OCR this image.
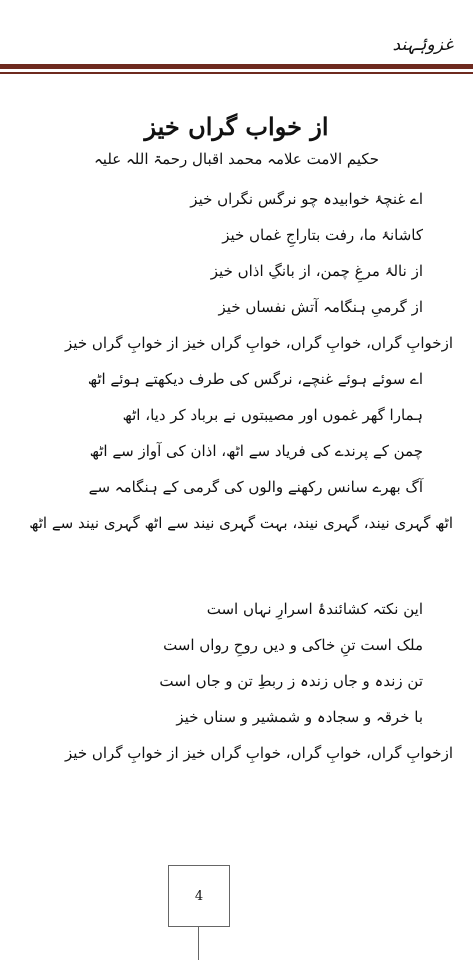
غزوۂہند
از خواب گراں خیز
حکیم الامت علامہ محمد اقبال رحمۃ اللہ علیہ
اے غنچۂ خوابیدہ چو نرگس نگراں خیز
کاشانۂ ما، رفت بتاراجِ غماں خیز
از نالۂ مرغِ چمن، از بانگِ اذاں خیز
از گرمیِ ہنگامہ آتش نفساں خیز
ازخوابِ گراں، خوابِ گراں، خوابِ گراں خیز از خوابِ گراں خیز
اے سوئے ہوئے غنچے، نرگس کی طرف دیکھتے ہوئے اٹھ
ہمارا گھر غموں اور مصیبتوں نے برباد کر دیا، اٹھ
چمن کے پرندے کی فریاد سے اٹھ، اذان کی آواز سے اٹھ
آگ بھرے سانس رکھنے والوں کی گرمی کے ہنگامہ سے
اٹھ گہری نیند، گہری نیند، بہت گہری نیند سے اٹھ گہری نیند سے اٹھ
این نکتہ کشائندۂ اسرارِ نہاں است
ملک است تنِ خاکی و دیں روحِ رواں است
تن زندہ و جاں زندہ ز ربطِ تن و جاں است
با خرقہ و سجادہ و شمشیر و سناں خیز
ازخوابِ گراں، خوابِ گراں، خوابِ گراں خیز از خوابِ گراں خیز
4
